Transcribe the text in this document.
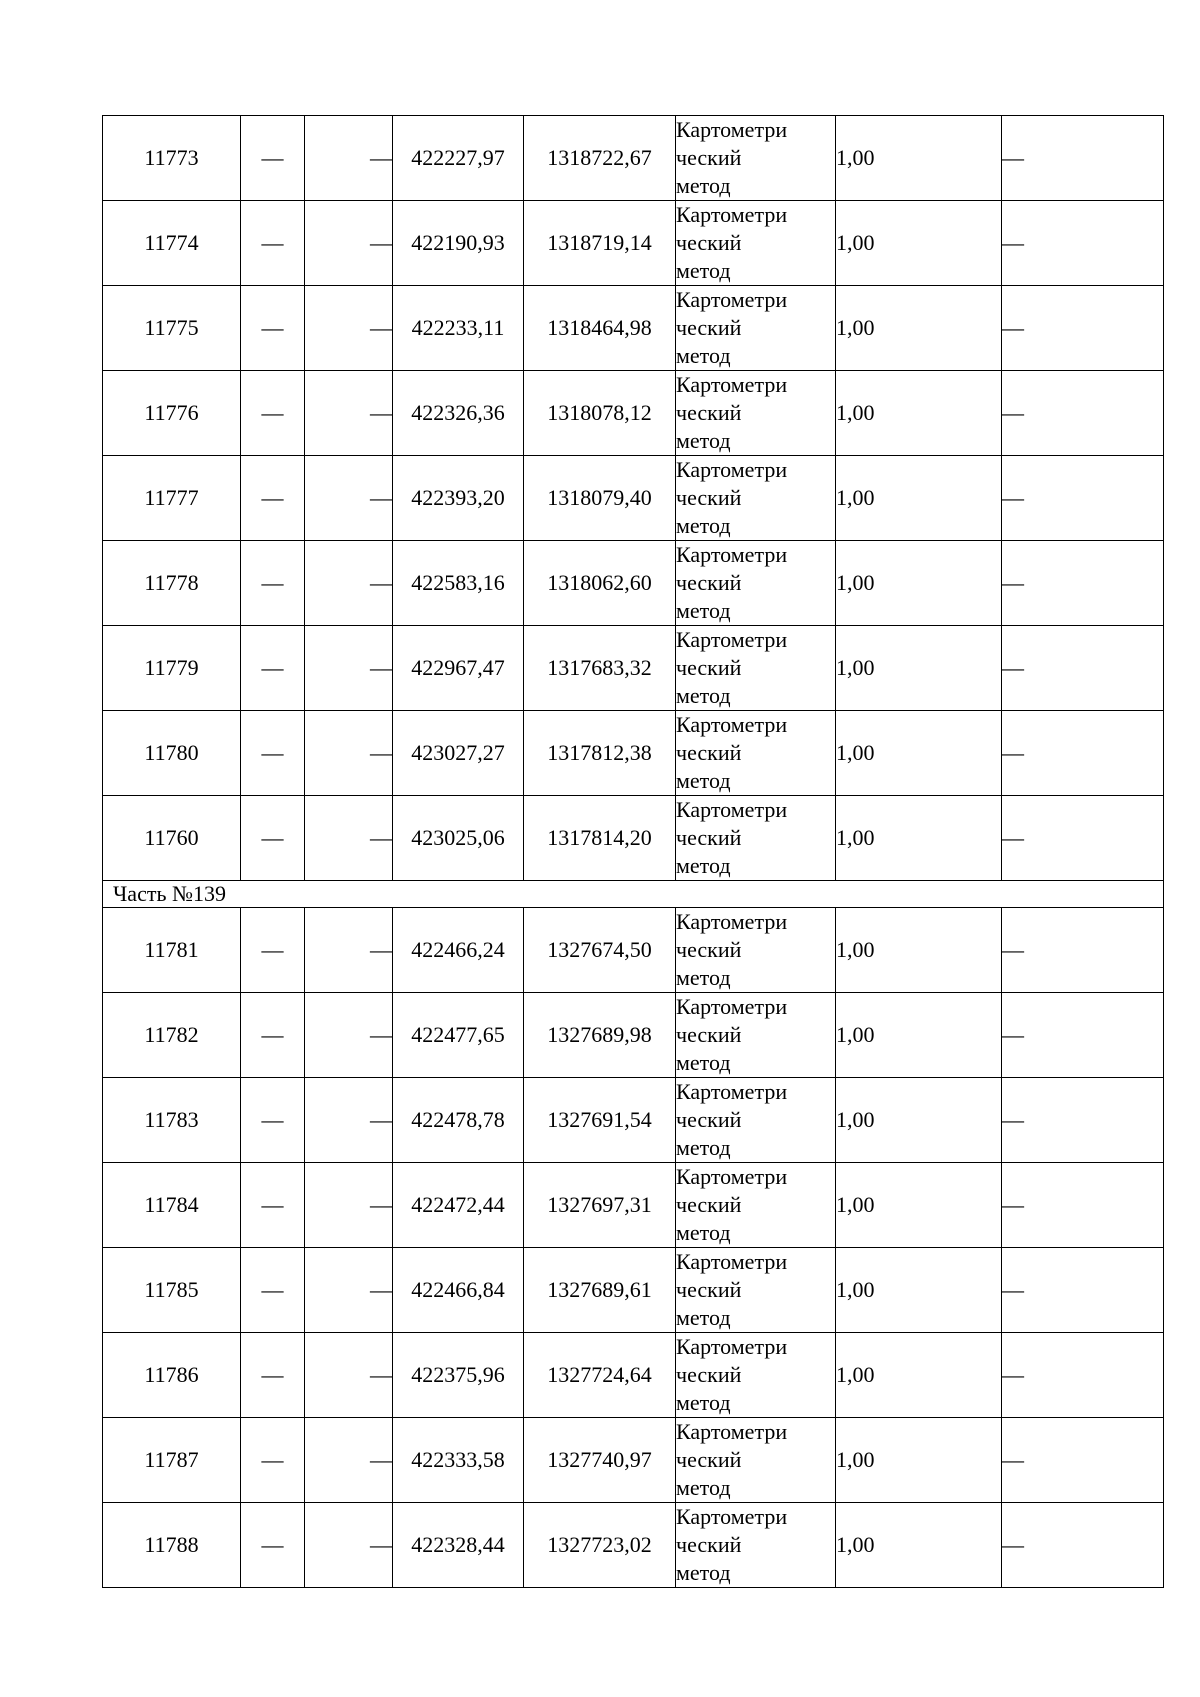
11773	—	—	422227,97	1318722,67	Картометри
ческий
метод	1,00	—
11774	—	—	422190,93	1318719,14	Картометри
ческий
метод	1,00	—
11775	—	—	422233,11	1318464,98	Картометри
ческий
метод	1,00	—
11776	—	—	422326,36	1318078,12	Картометри
ческий
метод	1,00	—
11777	—	—	422393,20	1318079,40	Картометри
ческий
метод	1,00	—
11778	—	—	422583,16	1318062,60	Картометри
ческий
метод	1,00	—
11779	—	—	422967,47	1317683,32	Картометри
ческий
метод	1,00	—
11780	—	—	423027,27	1317812,38	Картометри
ческий
метод	1,00	—
11760	—	—	423025,06	1317814,20	Картометри
ческий
метод	1,00	—
Часть №139							
11781	—	—	422466,24	1327674,50	Картометри
ческий
метод	1,00	—
11782	—	—	422477,65	1327689,98	Картометри
ческий
метод	1,00	—
11783	—	—	422478,78	1327691,54	Картометри
ческий
метод	1,00	—
11784	—	—	422472,44	1327697,31	Картометри
ческий
метод	1,00	—
11785	—	—	422466,84	1327689,61	Картометри
ческий
метод	1,00	—
11786	—	—	422375,96	1327724,64	Картометри
ческий
метод	1,00	—
11787	—	—	422333,58	1327740,97	Картометри
ческий
метод	1,00	—
11788	—	—	422328,44	1327723,02	Картометри
ческий
метод	1,00	—
